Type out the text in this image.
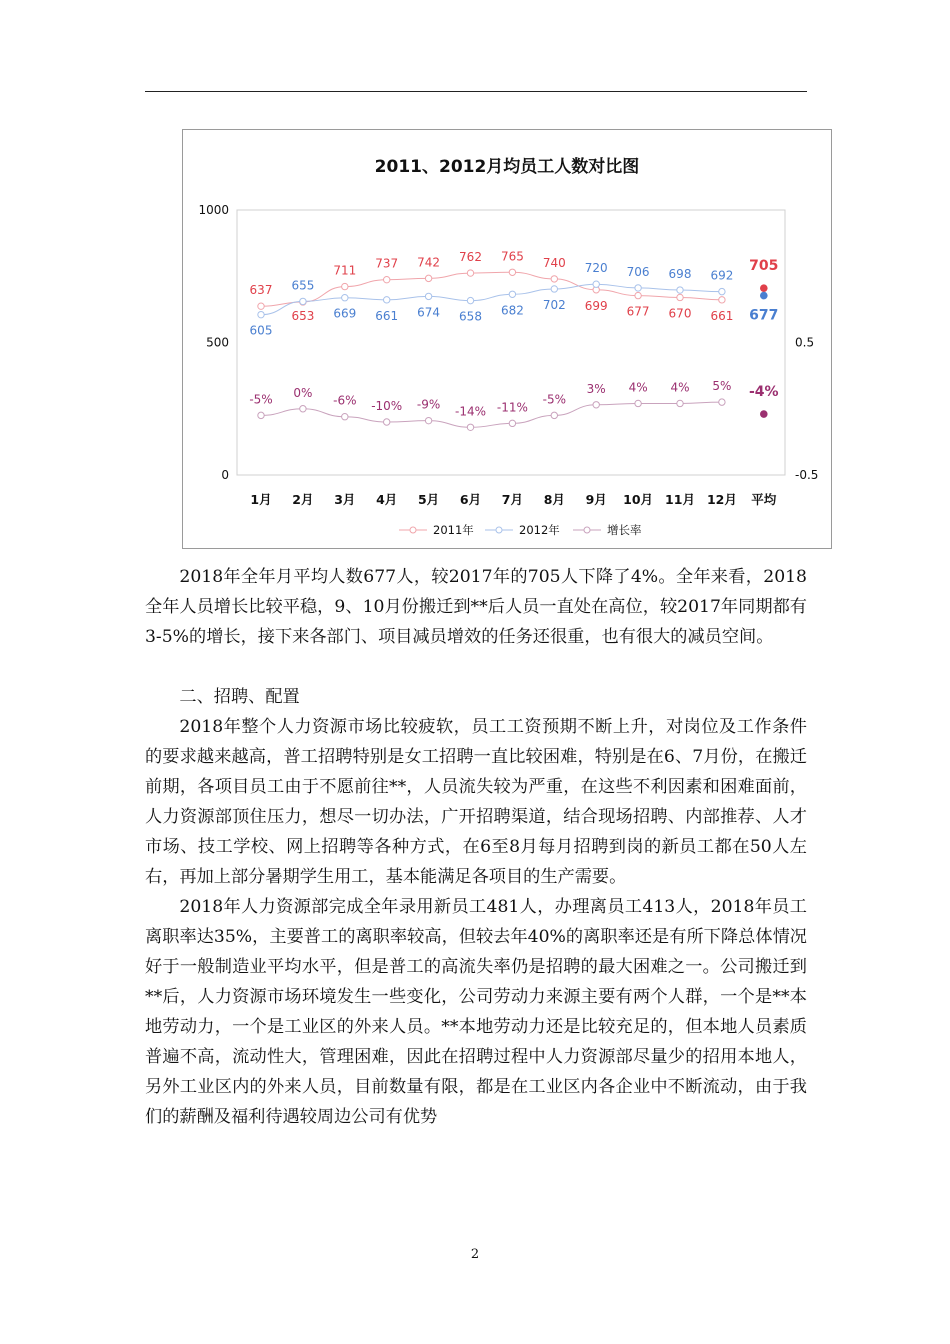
2011、2012月均员工人数对比图
0
500
1000
-0.5
0.5
1月 2月 3月 4月 5月 6月 7月 8月 9月 10月 11月 12月 平均
637
653
711 737 742 762 765 740
699 677 670 661
705
605
655
669 661 674 658 682 702
720 706 698 692
677
-5% 0%
-6% -10% -9% -14% -11%
-5%
3% 4% 4% 5% -4%
2011年	2012年	增长率

2018年全年月平均人数677人，较2017年的705人下降了4%。全年来看，2018全年人员增长比较平稳，9、10月份搬迁到**后人员一直处在高位，较2017年同期都有3-5%的增长，接下来各部门、项目减员增效的任务还很重，也有很大的减员空间。

二、招聘、配置

2018年整个人力资源市场比较疲软，员工工资预期不断上升，对岗位及工作条件的要求越来越高，普工招聘特别是女工招聘一直比较困难，特别是在6、7月份，在搬迁前期，各项目员工由于不愿前往**，人员流失较为严重，在这些不利因素和困难面前，人力资源部顶住压力，想尽一切办法，广开招聘渠道，结合现场招聘、内部推荐、人才市场、技工学校、网上招聘等各种方式，在6至8月每月招聘到岗的新员工都在50人左右，再加上部分暑期学生用工，基本能满足各项目的生产需要。

2018年人力资源部完成全年录用新员工481人，办理离员工413人，2018年员工离职率达35%，主要普工的离职率较高，但较去年40%的离职率还是有所下降总体情况好于一般制造业平均水平，但是普工的高流失率仍是招聘的最大困难之一。公司搬迁到**后，人力资源市场环境发生一些变化，公司劳动力来源主要有两个人群，一个是**本地劳动力，一个是工业区的外来人员。**本地劳动力还是比较充足的，但本地人员素质普遍不高，流动性大，管理困难，因此在招聘过程中人力资源部尽量少的招用本地人，另外工业区内的外来人员，目前数量有限，都是在工业区内各企业中不断流动，由于我们的薪酬及福利待遇较周边公司有优势

2
